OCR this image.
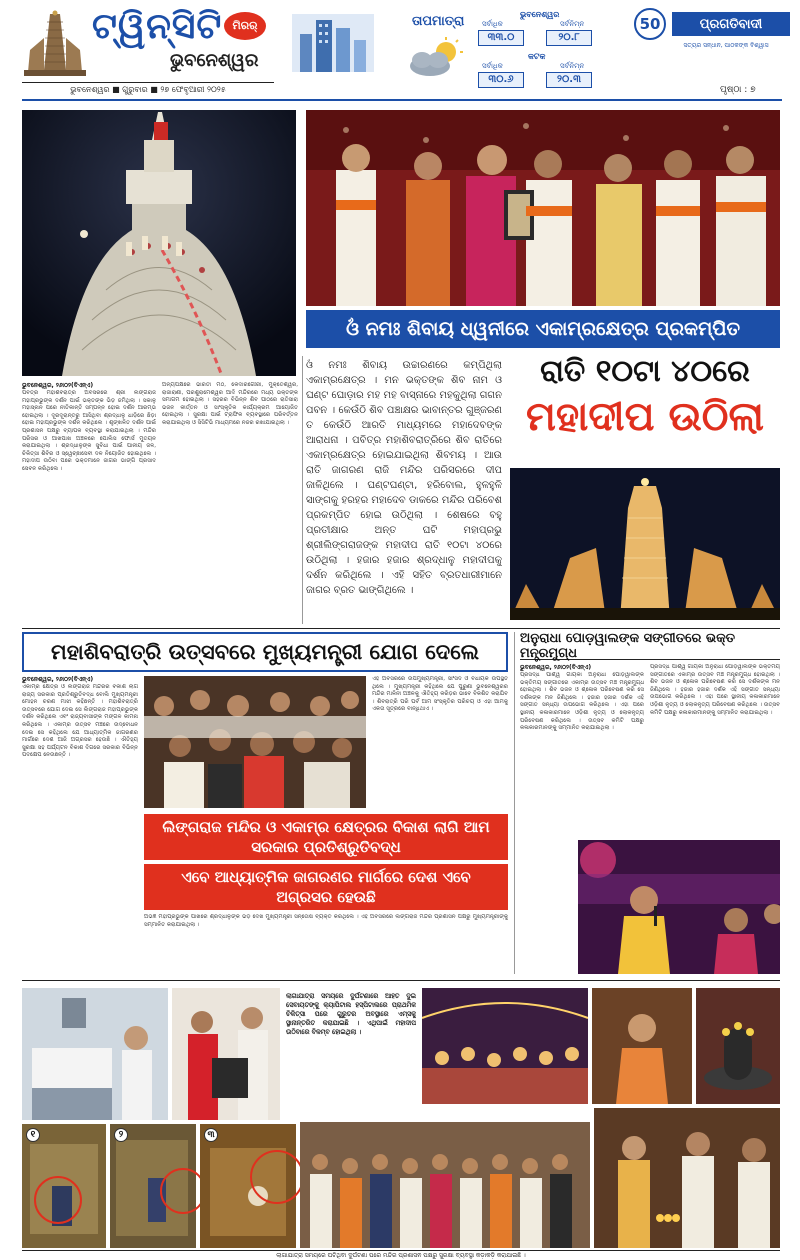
ଟ୍ୱିନ୍‌ସିଟି ମିରର୍‌
ଭୁବନେଶ୍ୱର
ତାପମାତ୍ରା	ଭୁବନେଶ୍ୱର
ସର୍ବାଧିକ	ସର୍ବନିମ୍ନ
୩୩.୦	୨୦.୮
କଟକ
ସର୍ବାଧିକ	ସର୍ବନିମ୍ନ
୩୦.୬	୨୦.୩
50	ପ୍ରଗତିବାଦୀ
ସତ୍ୟର ସନ୍ଧାନ, ପାଠକଙ୍କ ବିଶ୍ୱାସ
ଭୁବନେଶ୍ୱର ■ ଗୁରୁବାର ■ ୨୭ ଫେବୃଆରୀ ୨୦୨୫	ପୃଷ୍ଠା : ୭
ଓଁ ନମଃ ଶିବାୟ ଧ୍ୱନୀରେ ଏକାମ୍ରକ୍ଷେତ୍ର ପ୍ରକମ୍ପିତ
ଓଁ ନମଃ ଶିବାୟ ଉଚ୍ଚାରଣରେ କମ୍ପିଥିଲା ଏକାମ୍ରକ୍ଷେତ୍ର । ମନ ଭକ୍ତଙ୍କ ଶିବ ନାମ ଓ ଘଣ୍ଟ ଘୋଡ଼ାର ମହ ମହ ବାସ୍ନାରେ ମହକୁଥିଲା ଗଗନ ପବନ । କେଉଁଠି ଶିବ ପଞ୍ଚାକ୍ଷର ଭାବାନ୍ତର ଗୁଞ୍ଜରଣ ତ କେଉଁଠି ଆରତି ମାଧ୍ୟମରେ ମହାଦେବଙ୍କ ଆରାଧନା । ପବିତ୍ର ମହାଶିବରାତ୍ରିରେ ଶିବ ରାତିରେ ଏକାମ୍ରକ୍ଷେତ୍ର ହୋଇଯାଇଥିଲା ଶିବମୟ । ଆଉ ରାତି ଜାଗରଣ ରାଜି ମନ୍ଦିର ପରିସରରେ ଦୀପ ଜାଳିଥିଲେ । ଘଣ୍ଟଘଣ୍ଟା, ହରିବୋଲ, ହୁଳହୁଳି ସାଙ୍ଗକୁ ହରହର ମହାଦେବ ଡାକରେ ମନ୍ଦିର ପରିବେଶ ପ୍ରକମ୍ପିତ ହୋଇ ଉଠିଥିଲା । ଶେଷରେ ବହୁ ପ୍ରତୀକ୍ଷାର ଅନ୍ତ ଘଟି ମହାପ୍ରଭୁ ଶ୍ରୀଲିଙ୍ଗରାଜଙ୍କ ମହାଦୀପ ରାତି ୧୦ଟା ୪୦ରେ ଉଠିଥିଲା । ହଜାର ହଜାର ଶ୍ରଦ୍ଧାଳୁ ମହାଦୀପକୁ ଦର୍ଶନ କରିଥିଲେ । ଏହି ସହିତ ବ୍ରତଧାରୀମାନେ ଜାଗର ବ୍ରତ ଭାଙ୍ଗିଥିଲେ ।
ରାତି ୧୦ଟା ୪୦ରେ
ମହାଦୀପ ଉଠିଲା
ଭୁବନେଶ୍ୱର, ୨୬ାଠ୨(ବିଏନ୍‌ଏ)
ପବିତ୍ର ମହାଶିବରାତ୍ରି ଅବସରରେ ଶ୍ରୀ ଲିଙ୍ଗରାଜ ମହାପ୍ରଭୁଙ୍କ ଦର୍ଶନ ପାଇଁ ଭକ୍ତଙ୍କ ଭିଡ଼ ଜମିଥିଲା । ସକାଳୁ ମହାସ୍ନାନ ପରେ ନୀତିକାନ୍ତି ସମ୍ପନ୍ନ ହୋଇ ଦର୍ଶନ ଆରମ୍ଭ ହୋଇଥିଲା । ଦୂରଦୂରାନ୍ତରୁ ଆସିଥିବା ଶ୍ରଦ୍ଧାଳୁ ଧାଡ଼ିରେ ଛିଡ଼ା ହୋଇ ମହାପ୍ରଭୁଙ୍କ ଦର୍ଶନ କରିଥିଲେ । ଶୃଙ୍ଖଳିତ ଦର୍ଶନ ପାଇଁ ପ୍ରଶାସନ ପକ୍ଷରୁ ବ୍ୟାପକ ବ୍ୟବସ୍ଥା କରାଯାଇଥିଲା । ମନ୍ଦିର ପରିସର ଓ ଆଖପାଖ ଅଞ୍ଚଳରେ ପୋଲିସ ଫୋର୍ସ ମୁତୟନ କରାଯାଇଥିଲା । ଶ୍ରଦ୍ଧାଳୁଙ୍କ ସୁବିଧା ପାଇଁ ପାନୀୟ ଜଳ, ଚିକିତ୍ସା ଶିବିର ଓ ସ୍ୱେଚ୍ଛାସେବୀ ଦଳ ନିୟୋଜିତ ହୋଇଥିଲେ । ମହାଦୀପ ଉଠିବା ପରେ ଭକ୍ତମାନେ ଜାଗର ଭାଙ୍ଗି ପ୍ରସାଦ ସେବନ କରିଥିଲେ ।
ଅନ୍ୟପକ୍ଷରେ ଭାରତୀ ମଠ, କେଦାରଗୌରୀ, ମୁକ୍ତେଶ୍ୱର, ରାଜାରାଣୀ, ପରଶୁରାମେଶ୍ୱର ଆଦି ମନ୍ଦିରରେ ମଧ୍ୟ ଭକ୍ତଙ୍କ ସମାଗମ ହୋଇଥିଲା । ସହରର ବିଭିନ୍ନ ଶିବ ପୀଠରେ ରାତିସାରା ଭଜନ କୀର୍ତ୍ତନ ଓ ସାଂସ୍କୃତିକ କାର୍ଯ୍ୟକ୍ରମ ଆୟୋଜିତ ହୋଇଥିଲା । ସୁରକ୍ଷା ପାଇଁ ଟ୍ରାଫିକ ବ୍ୟବସ୍ଥାରେ ପରିବର୍ତ୍ତନ କରାଯାଇଥିଲା ଓ ସିସିଟିଭି ମାଧ୍ୟମରେ ନଜର ରଖାଯାଇଥିଲା ।
ମହାଶିବରାତ୍ରି ଉତ୍ସବରେ ମୁଖ୍ୟମନ୍ତ୍ରୀ ଯୋଗ ଦେଲେ
ଭୁବନେଶ୍ୱର, ୨୬ାଠ୨(ବିଏନ୍‌ଏ)
ଏକାମ୍ର କ୍ଷେତ୍ର ଓ ଲିଙ୍ଗରାଜ ମନ୍ଦିରର ବିକାଶ ଲାଗି ରାଜ୍ୟ ସରକାର ପ୍ରତିଶ୍ରୁତିବଦ୍ଧ ବୋଲି ମୁଖ୍ୟମନ୍ତ୍ରୀ ମୋହନ ଚରଣ ମାଝୀ କହିଛନ୍ତି । ମହାଶିବରାତ୍ରି ଉତ୍ସବରେ ଯୋଗ ଦେଇ ସେ ଲିଙ୍ଗରାଜ ମହାପ୍ରଭୁଙ୍କ ଦର୍ଶନ କରିଥିଲେ ଏବଂ ରାଜ୍ୟବାସୀଙ୍କ ମଙ୍ଗଳ କାମନା କରିଥିଲେ । ଏକାମ୍ର ଉତ୍ସବ ମଞ୍ଚରେ ଉଦ୍‌ବୋଧନ ଦେଇ ସେ କହିଥିଲେ ଯେ ଆଧ୍ୟାତ୍ମିକ ଜାଗରଣର ମାର୍ଗରେ ଦେଶ ଆଜି ଅଗ୍ରସର ହେଉଛି । ଐତିହ୍ୟ ସୁରକ୍ଷା ସହ ପର୍ଯ୍ୟଟନ ବିକାଶ ଦିଗରେ ସରକାର ବିଭିନ୍ନ ପଦକ୍ଷେପ ନେଉଛନ୍ତି ।
ଏହି ଅବସରରେ ଉପମୁଖ୍ୟମନ୍ତ୍ରୀ, ସାଂସଦ ଓ ବିଧାୟକ ଉପସ୍ଥିତ ଥିଲେ । ମୁଖ୍ୟମନ୍ତ୍ରୀ କହିଥିଲେ ଯେ ପୁରୁଣା ଭୁବନେଶ୍ୱରର ମନ୍ଦିର ମାଳିନୀ ଅଞ୍ଚଳକୁ ଐତିହ୍ୟ କରିଡ଼ର ଭାବେ ବିକଶିତ କରାଯିବ । ଶିବରାତ୍ରି ପରି ପର୍ବ ଆମ ସଂସ୍କୃତିର ପରିଚୟ ଓ ଏହା ଆମକୁ ଏକତା ସୂତ୍ରରେ ବାନ୍ଧିଥାଏ ।
ଲିଙ୍ଗରାଜ ମନ୍ଦିର ଓ ଏକାମ୍ର କ୍ଷେତ୍ରର ବିକାଶ ଲାଗି ଆମ ସରକାର ପ୍ରତିଶ୍ରୁତିବଦ୍ଧ
ଏବେ ଆଧ୍ୟାତ୍ମିକ ଜାଗରଣର ମାର୍ଗରେ ଦେଶ ଏବେ ଅଗ୍ରସର ହେଉଛି
ଅଭିଜ୍ଞ ମହାପ୍ରଭୁଙ୍କ ପାଖରେ ଶ୍ରଦ୍ଧାଳୁଙ୍କ ଭିଡ଼ ଦେଖି ମୁଖ୍ୟମନ୍ତ୍ରୀ ସନ୍ତୋଷ ବ୍ୟକ୍ତ କରିଥିଲେ । ଏହି ଅବସରରେ ଲିଙ୍ଗରାଜ ମନ୍ଦିର ପ୍ରଶାସନ ପକ୍ଷରୁ ମୁଖ୍ୟମନ୍ତ୍ରୀଙ୍କୁ ସମ୍ମାନିତ କରାଯାଇଥିଲା ।
ଅନୁରାଧା ପୋଡ଼ୱାଲଙ୍କ ସଙ୍ଗୀତରେ ଭକ୍ତ ମନ୍ତ୍ରମୁଗ୍ଧ
ଭୁବନେଶ୍ୱର, ୨୬ାଠ୨(ବିଏନ୍‌ଏ)
ପ୍ରସିଦ୍ଧ ପାର୍ଶ୍ୱ ଗାୟିକା ଅନୁରାଧା ପୋଡ଼ୱାଲଙ୍କ ଭକ୍ତିମୟ ସଙ୍ଗୀତରେ ଏକାମ୍ର ଉତ୍ସବ ମଞ୍ଚ ମନ୍ତ୍ରମୁଗ୍ଧ ହୋଇଥିଲା । ଶିବ ଭଜନ ଓ ଶ୍ଳୋକ ପରିବେଷଣ କରି ସେ ଦର୍ଶକଙ୍କ ମନ ଜିଣିଥିଲେ । ହଜାର ହଜାର ଦର୍ଶକ ଏହି ସଙ୍ଗୀତ ସନ୍ଧ୍ୟା ଉପଭୋଗ କରିଥିଲେ । ଏହା ପରେ ସ୍ଥାନୀୟ କଳାକାରମାନେ ଓଡ଼ିଶୀ ନୃତ୍ୟ ଓ ଲୋକନୃତ୍ୟ ପରିବେଷଣ କରିଥିଲେ । ଉତ୍ସବ କମିଟି ପକ୍ଷରୁ କଳାକାରମାନଙ୍କୁ ସମ୍ମାନିତ କରାଯାଇଥିଲା ।
ପ୍ରସିଦ୍ଧ ପାର୍ଶ୍ୱ ଗାୟିକା ଅନୁରାଧା ପୋଡ଼ୱାଲଙ୍କ ଭକ୍ତିମୟ ସଙ୍ଗୀତରେ ଏକାମ୍ର ଉତ୍ସବ ମଞ୍ଚ ମନ୍ତ୍ରମୁଗ୍ଧ ହୋଇଥିଲା । ଶିବ ଭଜନ ଓ ଶ୍ଳୋକ ପରିବେଷଣ କରି ସେ ଦର୍ଶକଙ୍କ ମନ ଜିଣିଥିଲେ । ହଜାର ହଜାର ଦର୍ଶକ ଏହି ସଙ୍ଗୀତ ସନ୍ଧ୍ୟା ଉପଭୋଗ କରିଥିଲେ । ଏହା ପରେ ସ୍ଥାନୀୟ କଳାକାରମାନେ ଓଡ଼ିଶୀ ନୃତ୍ୟ ଓ ଲୋକନୃତ୍ୟ ପରିବେଷଣ କରିଥିଲେ । ଉତ୍ସବ କମିଟି ପକ୍ଷରୁ କଳାକାରମାନଙ୍କୁ ସମ୍ମାନିତ କରାଯାଇଥିଲା ।
ଲାଗାଯାତ୍ରା ସମୟରେ ଦୁର୍ଘଟଣାରେ ଆହତ ଦୁଇ ସେବାୟତଙ୍କୁ କ୍ୟାପିଟାଲ ହସ୍ପିଟାଲରେ ପ୍ରାଥମିକ ଚିକିତ୍ସା ପରେ ଗୁରୁତର ଅବସ୍ଥାରେ ଏମ୍‌ସକୁ ସ୍ଥାନାନ୍ତରିତ କରାଯାଇଛି । ଏଥିପାଇଁ ମହାଦୀପ ଉଠିବାରେ ବିଳମ୍ବ ହୋଇଥିଲା ।
୧	୨	୩
ଲାଗାଯାତ୍ରା ସମୟରେ ଘଟିଥିବା ଦୁର୍ଘଟଣା ପରେ ମନ୍ଦିର ପ୍ରଶାସନ ପକ୍ଷରୁ ସୁରକ୍ଷା ବ୍ୟବସ୍ଥା କଡ଼ାକଡ଼ି କରାଯାଇଛି ।
